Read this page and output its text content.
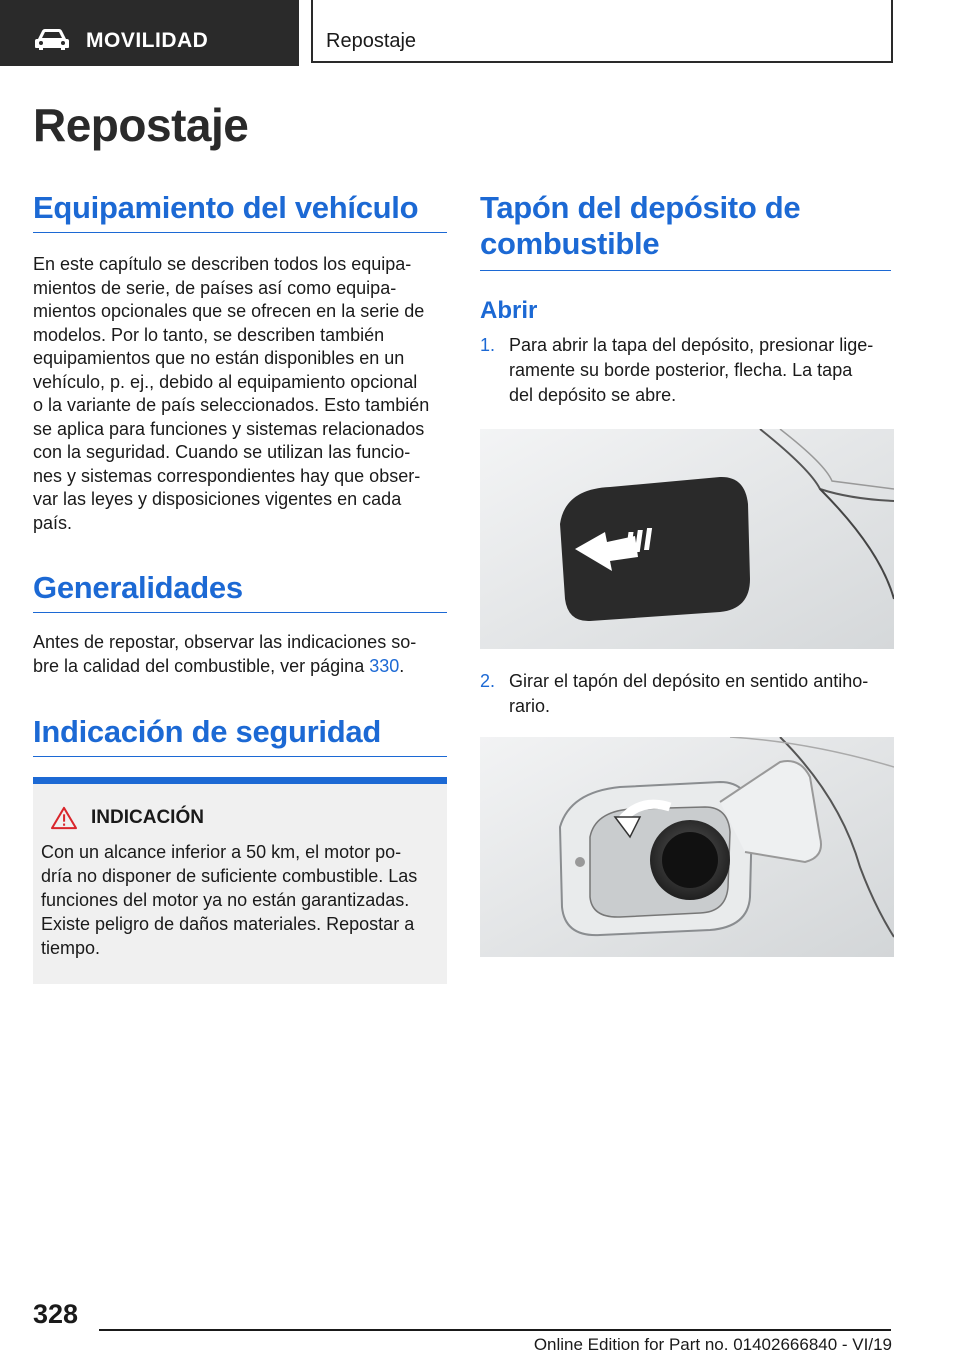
MOVILIDAD	Repostaje
Repostaje
Equipamiento del vehículo

En este capítulo se describen todos los equipa-
mientos de serie, de países así como equipa-
mientos opcionales que se ofrecen en la serie de
modelos. Por lo tanto, se describen también
equipamientos que no están disponibles en un
vehículo, p. ej., debido al equipamiento opcional
o la variante de país seleccionados. Esto también
se aplica para funciones y sistemas relacionados
con la seguridad. Cuando se utilizan las funcio-
nes y sistemas correspondientes hay que obser-
var las leyes y disposiciones vigentes en cada
país.

Generalidades

Antes de repostar, observar las indicaciones so-
bre la calidad del combustible, ver página 330.

Indicación de seguridad
INDICACIÓN

Con un alcance inferior a 50 km, el motor po-
dría no disponer de suficiente combustible. Las
funciones del motor ya no están garantizadas.
Existe peligro de daños materiales. Repostar a
tiempo.

Tapón del depósito de
combustible
Abrir
1. Para abrir la tapa del depósito, presionar lige-
ramente su borde posterior, flecha. La tapa
del depósito se abre.
2. Girar el tapón del depósito en sentido antiho-
rario.
328
Online Edition for Part no. 01402666840 - VI/19
